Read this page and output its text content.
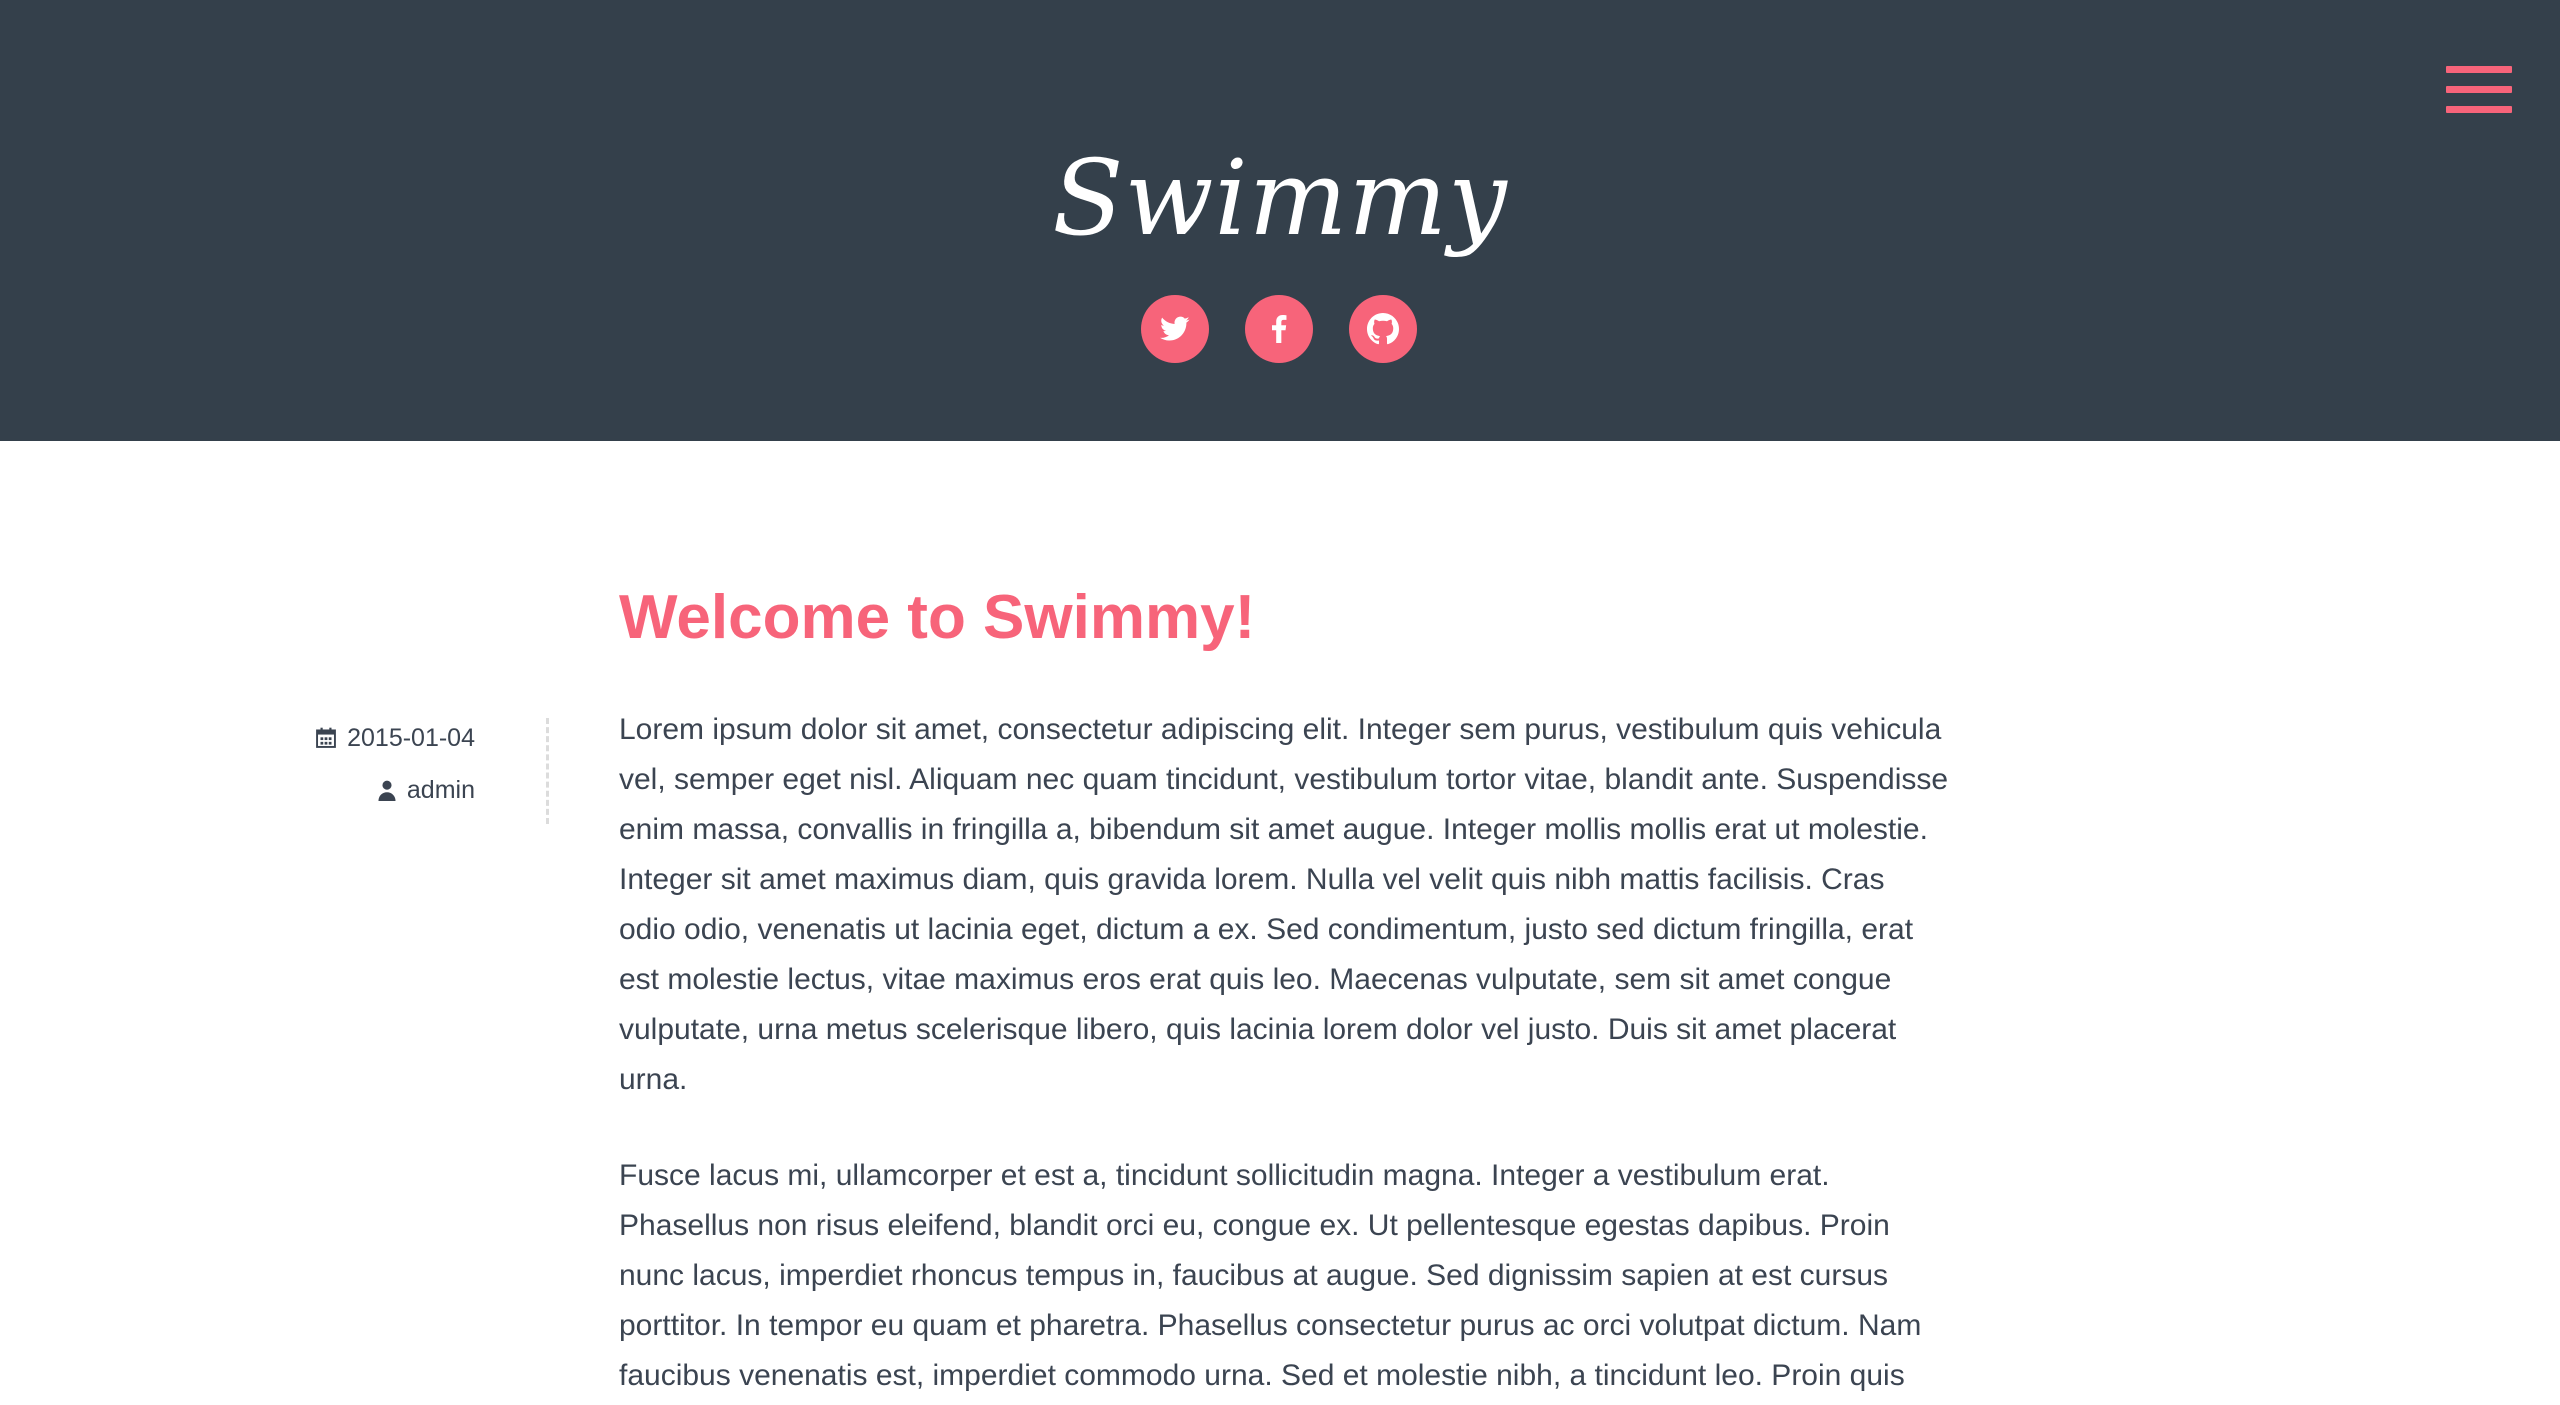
Swimmy
Welcome to Swimmy!
2015-01-04
admin

Lorem ipsum dolor sit amet, consectetur adipiscing elit. Integer sem purus, vestibulum quis vehicula vel, semper eget nisl. Aliquam nec quam tincidunt, vestibulum tortor vitae, blandit ante. Suspendisse enim massa, convallis in fringilla a, bibendum sit amet augue. Integer mollis mollis erat ut molestie. Integer sit amet maximus diam, quis gravida lorem. Nulla vel velit quis nibh mattis facilisis. Cras odio odio, venenatis ut lacinia eget, dictum a ex. Sed condimentum, justo sed dictum fringilla, erat est molestie lectus, vitae maximus eros erat quis leo. Maecenas vulputate, sem sit amet congue vulputate, urna metus scelerisque libero, quis lacinia lorem dolor vel justo. Duis sit amet placerat urna.

Fusce lacus mi, ullamcorper et est a, tincidunt sollicitudin magna. Integer a vestibulum erat. Phasellus non risus eleifend, blandit orci eu, congue ex. Ut pellentesque egestas dapibus. Proin nunc lacus, imperdiet rhoncus tempus in, faucibus at augue. Sed dignissim sapien at est cursus porttitor. In tempor eu quam et pharetra. Phasellus consectetur purus ac orci volutpat dictum. Nam faucibus venenatis est, imperdiet commodo urna. Sed et molestie nibh, a tincidunt leo. Proin quis
